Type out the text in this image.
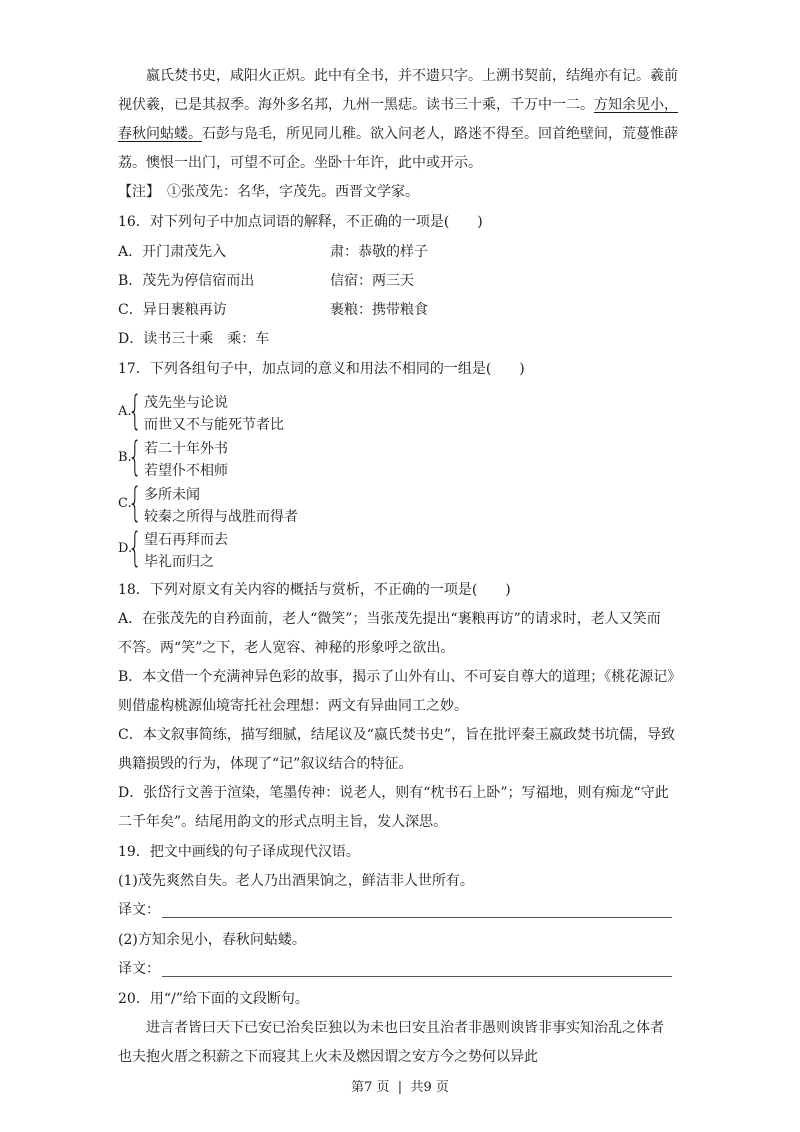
嬴氏焚书史，咸阳火正炽。此中有全书，并不遗只字。上溯书契前，结绳亦有记。羲前
视伏羲，已是其叔季。海外多名邦，九州一黑痣。读书三十乘，千万中一二。方知余见小，
春秋问蛄蝼。石彭与凫毛，所见同儿稚。欲入问老人，路迷不得至。回首绝壁间，荒蔓惟薜
荔。懊恨一出门，可望不可企。坐卧十年许，此中或开示。
【注】　 ①张茂先：名华，字茂先。西晋文学家。
16．对下列句子中加点词语的解释，不正确的一项是(　　)
A．开门肃茂先入	肃：恭敬的样子
B．茂先为停信宿而出	信宿：两三天
C．异日裹粮再访	裹粮：携带粮食
D．读书三十乘　乘：车
17．下列各组句子中，加点词的意义和用法不相同的一组是(　　)
A.
{ 茂先坐与论说
而世又不与能死节者比
B.
{ 若二十年外书
若望仆不相师
C.
{ 多所未闻
较秦之所得与战胜而得者
D.
{ 望石再拜而去
毕礼而归之
18．下列对原文有关内容的概括与赏析，不正确的一项是(　　)
A．在张茂先的自矜面前，老人“微笑”；当张茂先提出“裹粮再访”的请求时，老人又笑而
不答。两“笑”之下，老人宽容、神秘的形象呼之欲出。
B．本文借一个充满神异色彩的故事，揭示了山外有山、不可妄自尊大的道理；《桃花源记》
则借虚构桃源仙境寄托社会理想：两文有异曲同工之妙。
C．本文叙事简练，描写细腻，结尾议及“嬴氏焚书史”，旨在批评秦王嬴政焚书坑儒，导致
典籍损毁的行为，体现了“记”叙议结合的特征。
D．张岱行文善于渲染，笔墨传神：说老人，则有“枕书石上卧”；写福地，则有痴龙“守此
二千年矣”。结尾用韵文的形式点明主旨，发人深思。
19．把文中画线的句子译成现代汉语。
(1)茂先爽然自失。老人乃出酒果饷之，鲜洁非人世所有。
译文：
(2)方知余见小，春秋问蛄蝼。
译文：
20．用“/”给下面的文段断句。
进言者皆曰天下已安已治矣臣独以为未也曰安且治者非愚则谀皆非事实知治乱之体者
也夫抱火厝之积薪之下而寝其上火未及燃因谓之安方今之势何以异此
第7 页  |  共9 页
